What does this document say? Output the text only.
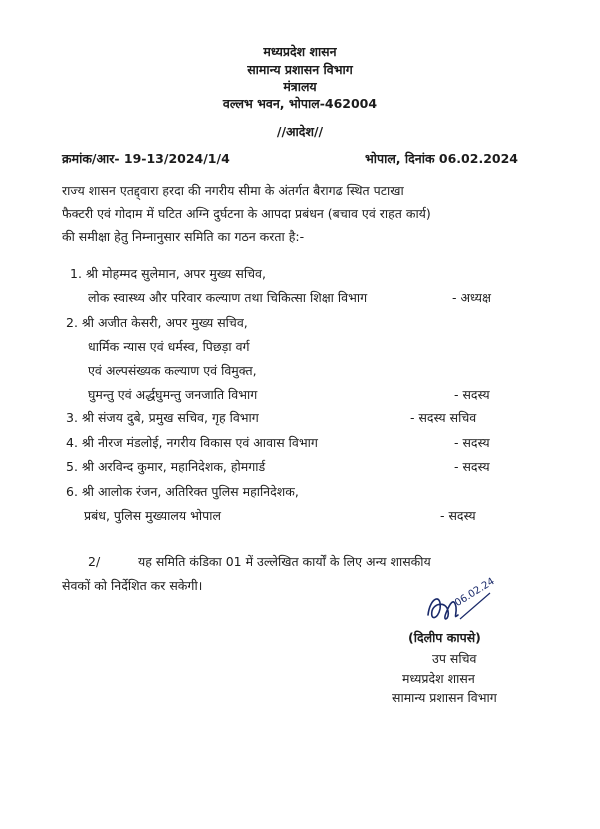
मध्यप्रदेश शासन
सामान्य प्रशासन विभाग
मंत्रालय
वल्लभ भवन, भोपाल-462004
//आदेश//
क्रमांक/आर- 19-13/2024/1/4	भोपाल, दिनांक 06.02.2024
राज्य शासन एतद्द्वारा हरदा की नगरीय सीमा के अंतर्गत बैरागढ स्थित पटाखा
फैक्टरी एवं गोदाम में घटित अग्नि दुर्घटना के आपदा प्रबंधन (बचाव एवं राहत कार्य)
की समीक्षा हेतु निम्नानुसार समिति का गठन करता है:-
1. श्री मोहम्मद सुलेमान, अपर मुख्य सचिव,
लोक स्वास्थ्य और परिवार कल्याण तथा चिकित्सा शिक्षा विभाग	- अध्यक्ष
2. श्री अजीत केसरी, अपर मुख्य सचिव,
धार्मिक न्यास एवं धर्मस्व, पिछड़ा वर्ग
एवं अल्पसंख्यक कल्याण एवं विमुक्त,
घुमन्तु एवं अर्द्धघुमन्तु जनजाति विभाग	- सदस्य
3. श्री संजय दुबे, प्रमुख सचिव, गृह विभाग	- सदस्य सचिव
4. श्री नीरज मंडलोई, नगरीय विकास एवं आवास विभाग	- सदस्य
5. श्री अरविन्द कुमार, महानिदेशक, होमगार्ड	- सदस्य
6. श्री आलोक रंजन, अतिरिक्त पुलिस महानिदेशक,
प्रबंध, पुलिस मुख्यालय भोपाल	- सदस्य
2/	यह समिति कंडिका 01 में उल्लेखित कार्यों के लिए अन्य शासकीय
सेवकों को निर्देशित कर सकेगी।	06.02.24
(दिलीप कापसे)
उप सचिव
मध्यप्रदेश शासन
सामान्य प्रशासन विभाग
